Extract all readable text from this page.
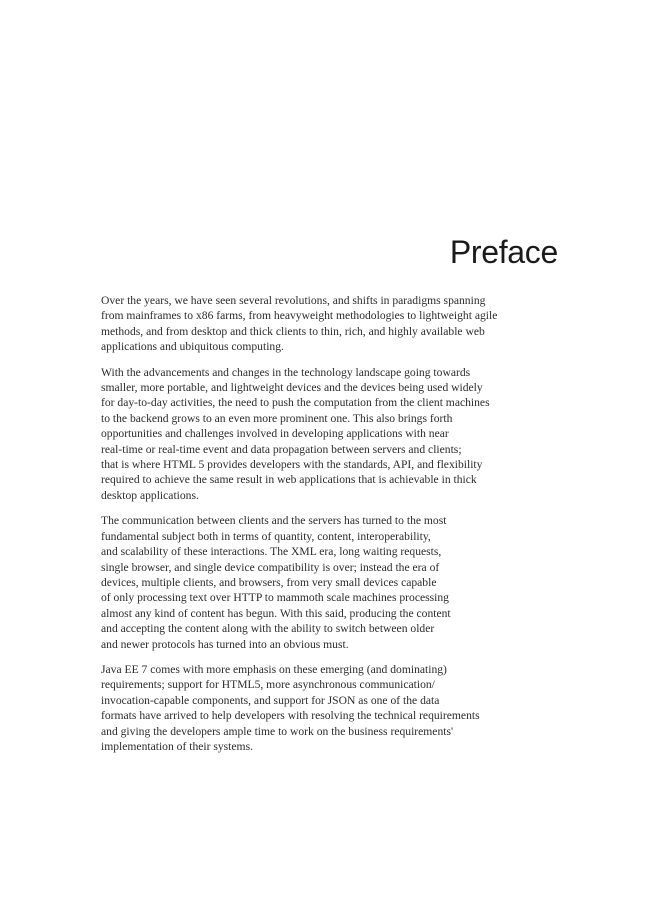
Preface

Over the years, we have seen several revolutions, and shifts in paradigms spanning
from mainframes to x86 farms, from heavyweight methodologies to lightweight agile
methods, and from desktop and thick clients to thin, rich, and highly available web
applications and ubiquitous computing.

With the advancements and changes in the technology landscape going towards
smaller, more portable, and lightweight devices and the devices being used widely
for day-to-day activities, the need to push the computation from the client machines
to the backend grows to an even more prominent one. This also brings forth
opportunities and challenges involved in developing applications with near
real-time or real-time event and data propagation between servers and clients;
that is where HTML 5 provides developers with the standards, API, and flexibility
required to achieve the same result in web applications that is achievable in thick
desktop applications.

The communication between clients and the servers has turned to the most
fundamental subject both in terms of quantity, content, interoperability,
and scalability of these interactions. The XML era, long waiting requests,
single browser, and single device compatibility is over; instead the era of
devices, multiple clients, and browsers, from very small devices capable
of only processing text over HTTP to mammoth scale machines processing
almost any kind of content has begun. With this said, producing the content
and accepting the content along with the ability to switch between older
and newer protocols has turned into an obvious must.

Java EE 7 comes with more emphasis on these emerging (and dominating)
requirements; support for HTML5, more asynchronous communication/
invocation-capable components, and support for JSON as one of the data
formats have arrived to help developers with resolving the technical requirements
and giving the developers ample time to work on the business requirements'
implementation of their systems.
